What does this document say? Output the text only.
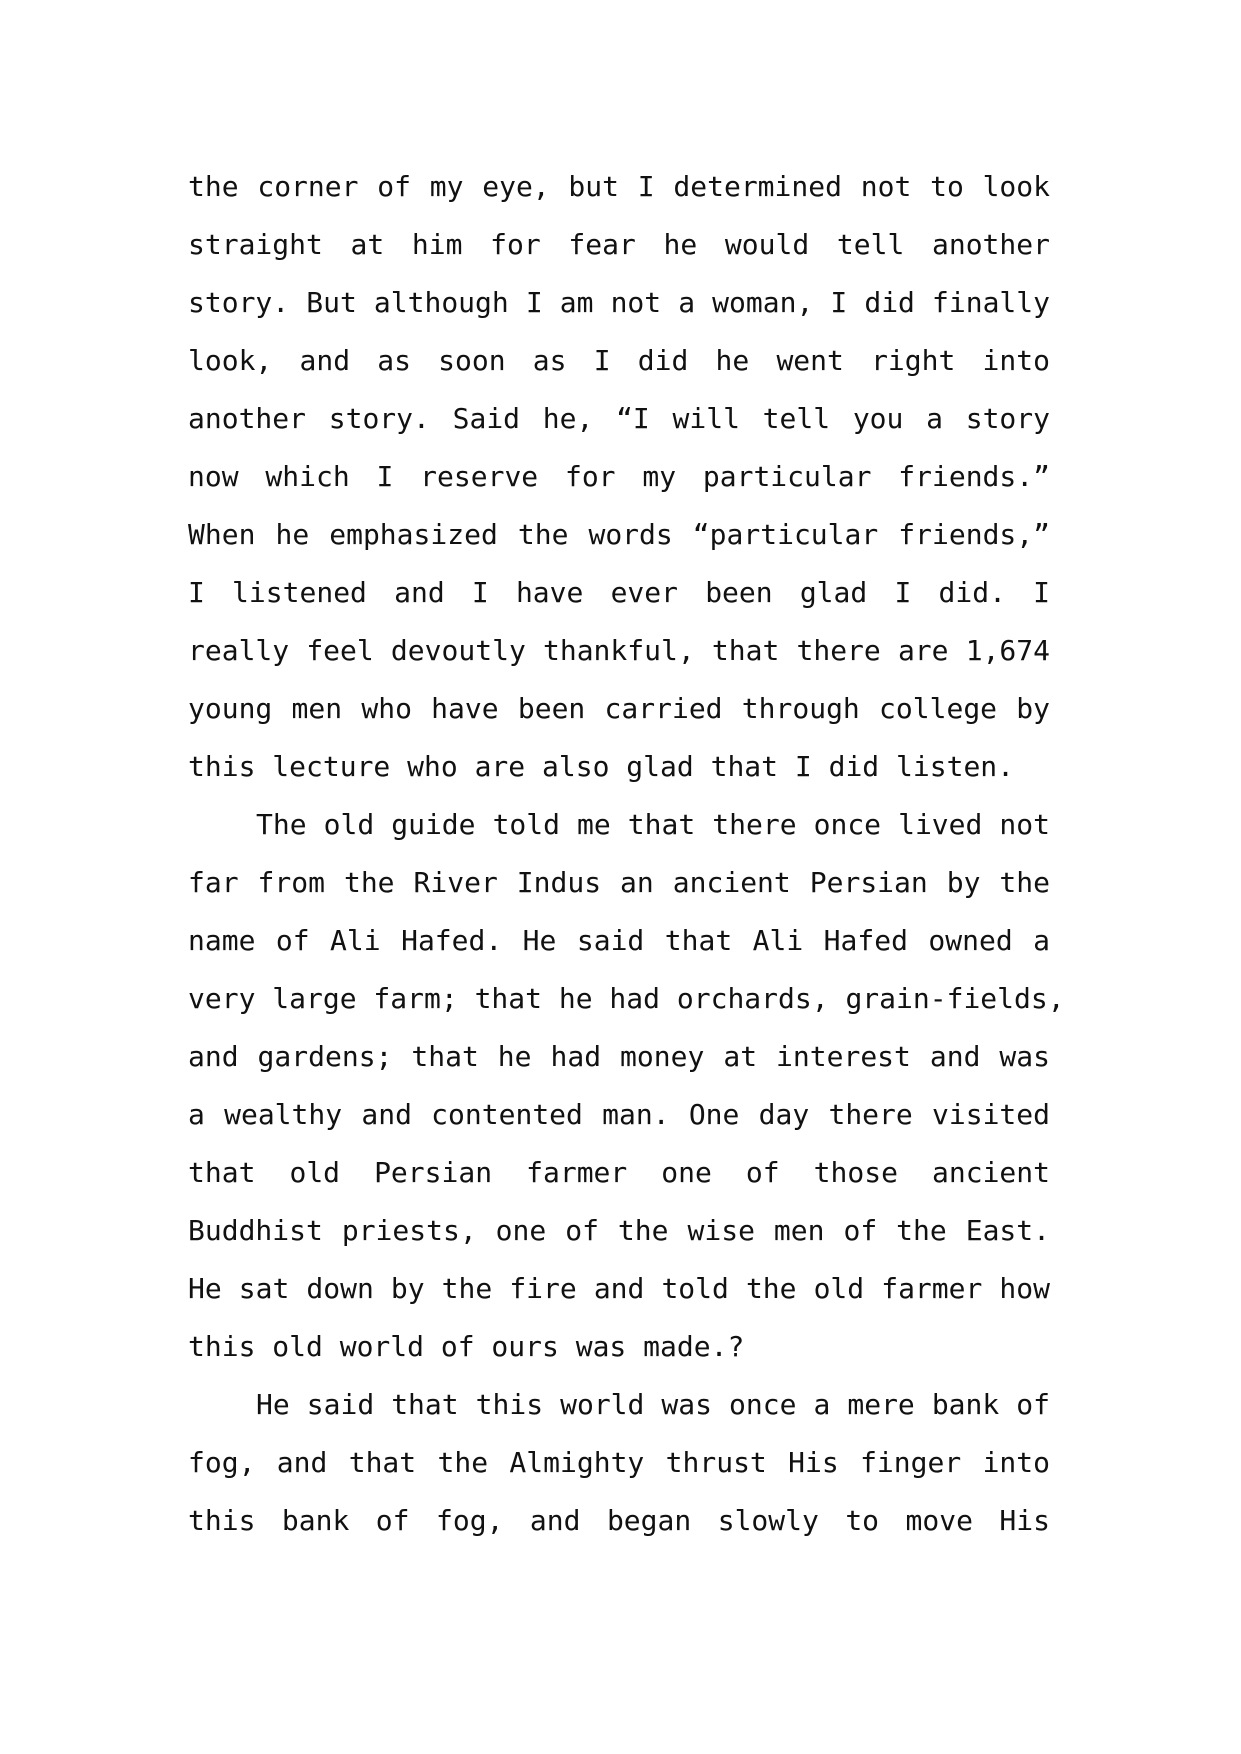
the corner of my eye, but I determined not to look
straight at him for fear he would tell another
story. But although I am not a woman, I did finally
look, and as soon as I did he went right into
another story. Said he, “I will tell you a story
now which I reserve for my particular friends.”
When he emphasized the words “particular friends,”
I listened and I have ever been glad I did. I
really feel devoutly thankful, that there are 1,674
young men who have been carried through college by
this lecture who are also glad that I did listen.
The old guide told me that there once lived not
far from the River Indus an ancient Persian by the
name of Ali Hafed. He said that Ali Hafed owned a
very large farm; that he had orchards, grain-fields,
and gardens; that he had money at interest and was
a wealthy and contented man. One day there visited
that old Persian farmer one of those ancient
Buddhist priests, one of the wise men of the East.
He sat down by the fire and told the old farmer how
this old world of ours was made.?
He said that this world was once a mere bank of
fog, and that the Almighty thrust His finger into
this bank of fog, and began slowly to move His
